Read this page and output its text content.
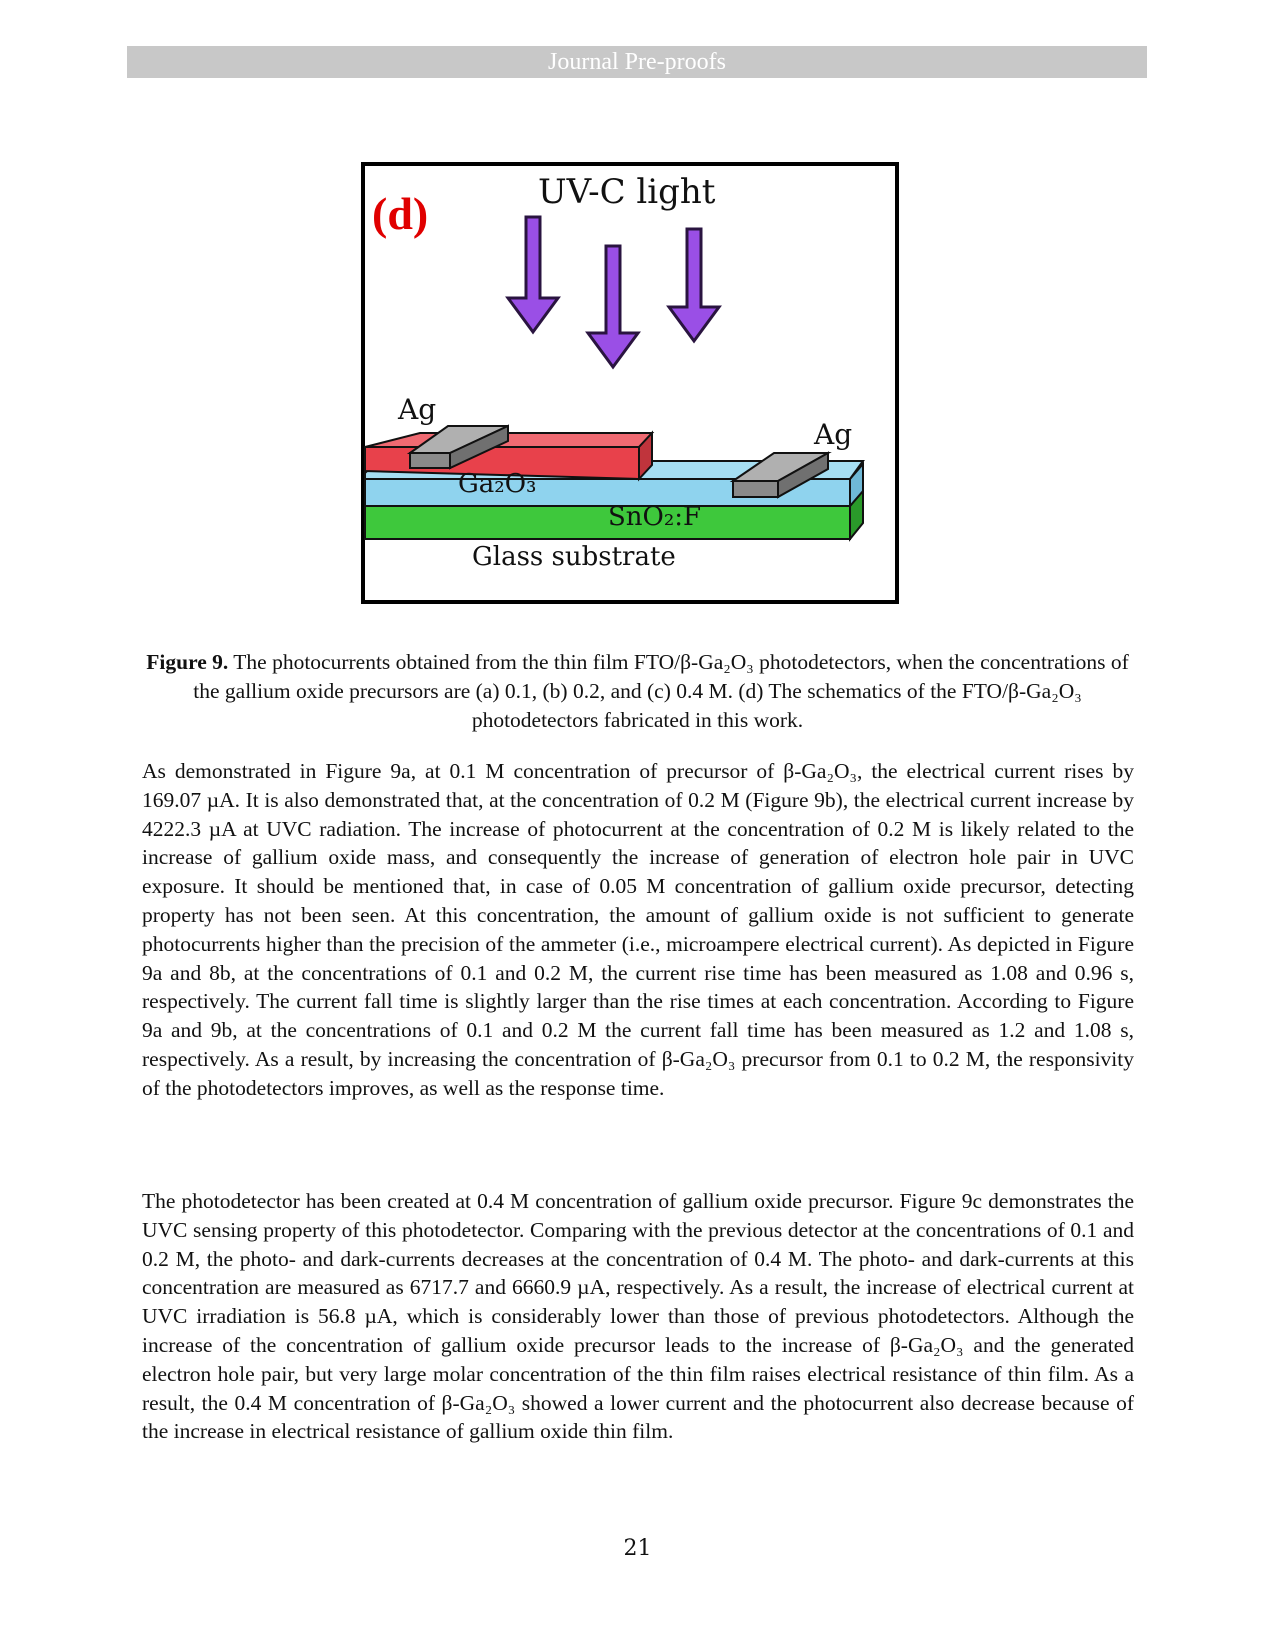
Journal Pre-proofs
(d)	UV-C light
Ag
Ag
Ga₂O₃
SnO₂:F
Glass substrate
Figure 9. The photocurrents obtained from the thin film FTO/β-Ga₂O₃ photodetectors, when the concentrations of the gallium oxide precursors are (a) 0.1, (b) 0.2, and (c) 0.4 M. (d) The schematics of the FTO/β-Ga₂O₃ photodetectors fabricated in this work.
As demonstrated in Figure 9a, at 0.1 M concentration of precursor of β-Ga₂O₃, the electrical current rises by 169.07 µA. It is also demonstrated that, at the concentration of 0.2 M (Figure 9b), the electrical current increase by 4222.3 µA at UVC radiation. The increase of photocurrent at the concentration of 0.2 M is likely related to the increase of gallium oxide mass, and consequently the increase of generation of electron hole pair in UVC exposure. It should be mentioned that, in case of 0.05 M concentration of gallium oxide precursor, detecting property has not been seen. At this concentration, the amount of gallium oxide is not sufficient to generate photocurrents higher than the precision of the ammeter (i.e., microampere electrical current). As depicted in Figure 9a and 8b, at the concentrations of 0.1 and 0.2 M, the current rise time has been measured as 1.08 and 0.96 s, respectively. The current fall time is slightly larger than the rise times at each concentration. According to Figure 9a and 9b, at the concentrations of 0.1 and 0.2 M the current fall time has been measured as 1.2 and 1.08 s, respectively. As a result, by increasing the concentration of β-Ga₂O₃ precursor from 0.1 to 0.2 M, the responsivity of the photodetectors improves, as well as the response time.
The photodetector has been created at 0.4 M concentration of gallium oxide precursor. Figure 9c demonstrates the UVC sensing property of this photodetector. Comparing with the previous detector at the concentrations of 0.1 and 0.2 M, the photo- and dark-currents decreases at the concentration of 0.4 M. The photo- and dark-currents at this concentration are measured as 6717.7 and 6660.9 µA, respectively. As a result, the increase of electrical current at UVC irradiation is 56.8 µA, which is considerably lower than those of previous photodetectors. Although the increase of the concentration of gallium oxide precursor leads to the increase of β-Ga₂O₃ and the generated electron hole pair, but very large molar concentration of the thin film raises electrical resistance of thin film. As a result, the 0.4 M concentration of β-Ga₂O₃ showed a lower current and the photocurrent also decrease because of the increase in electrical resistance of gallium oxide thin film.
21
